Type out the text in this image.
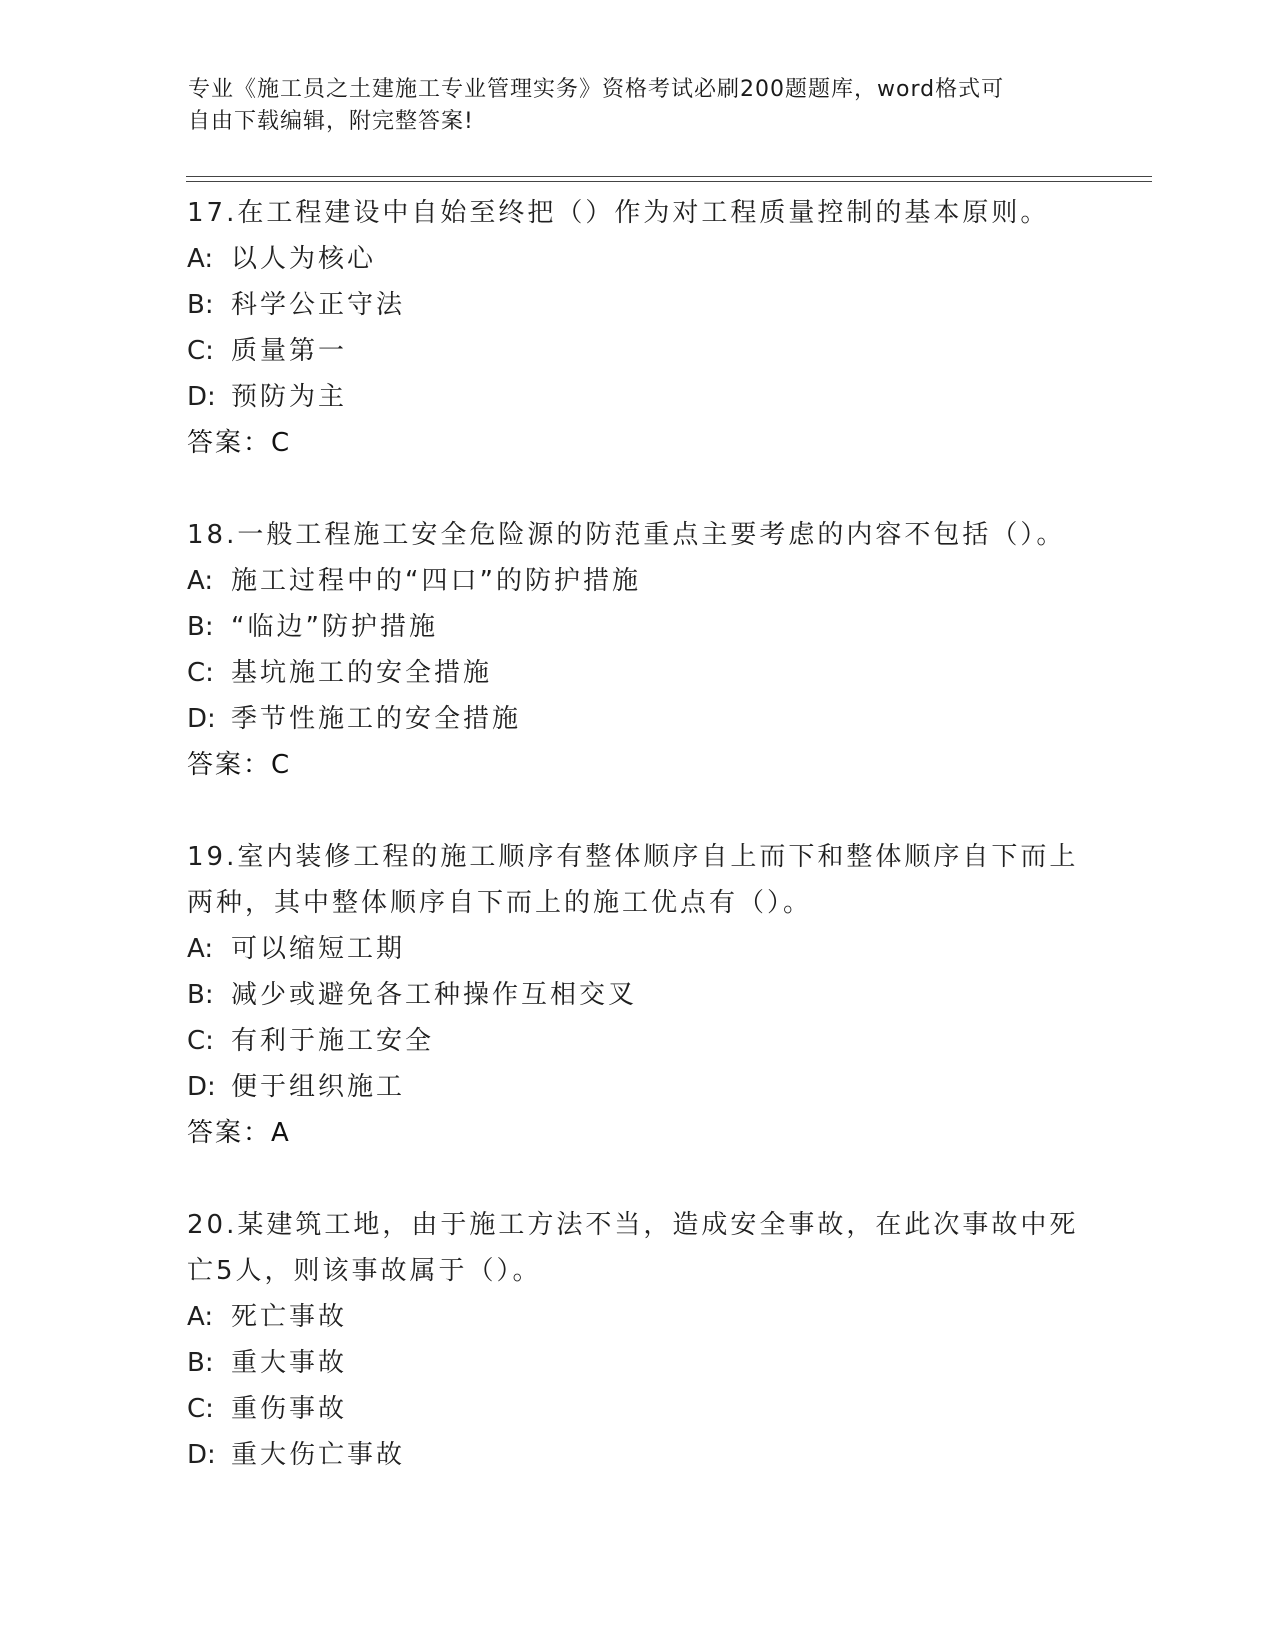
专业《施工员之土建施工专业管理实务》资格考试必刷200题题库，word格式可
自由下载编辑，附完整答案!
17.在工程建设中自始至终把（）作为对工程质量控制的基本原则。
A: 以人为核心
B: 科学公正守法
C: 质量第一
D: 预防为主
答案：C
18.一般工程施工安全危险源的防范重点主要考虑的内容不包括（）。
A: 施工过程中的“四口”的防护措施
B: “临边”防护措施
C: 基坑施工的安全措施
D: 季节性施工的安全措施
答案：C
19.室内装修工程的施工顺序有整体顺序自上而下和整体顺序自下而上
两种，其中整体顺序自下而上的施工优点有（）。
A: 可以缩短工期
B: 减少或避免各工种操作互相交叉
C: 有利于施工安全
D: 便于组织施工
答案：A
20.某建筑工地，由于施工方法不当，造成安全事故，在此次事故中死
亡5人，则该事故属于（）。
A: 死亡事故
B: 重大事故
C: 重伤事故
D: 重大伤亡事故
